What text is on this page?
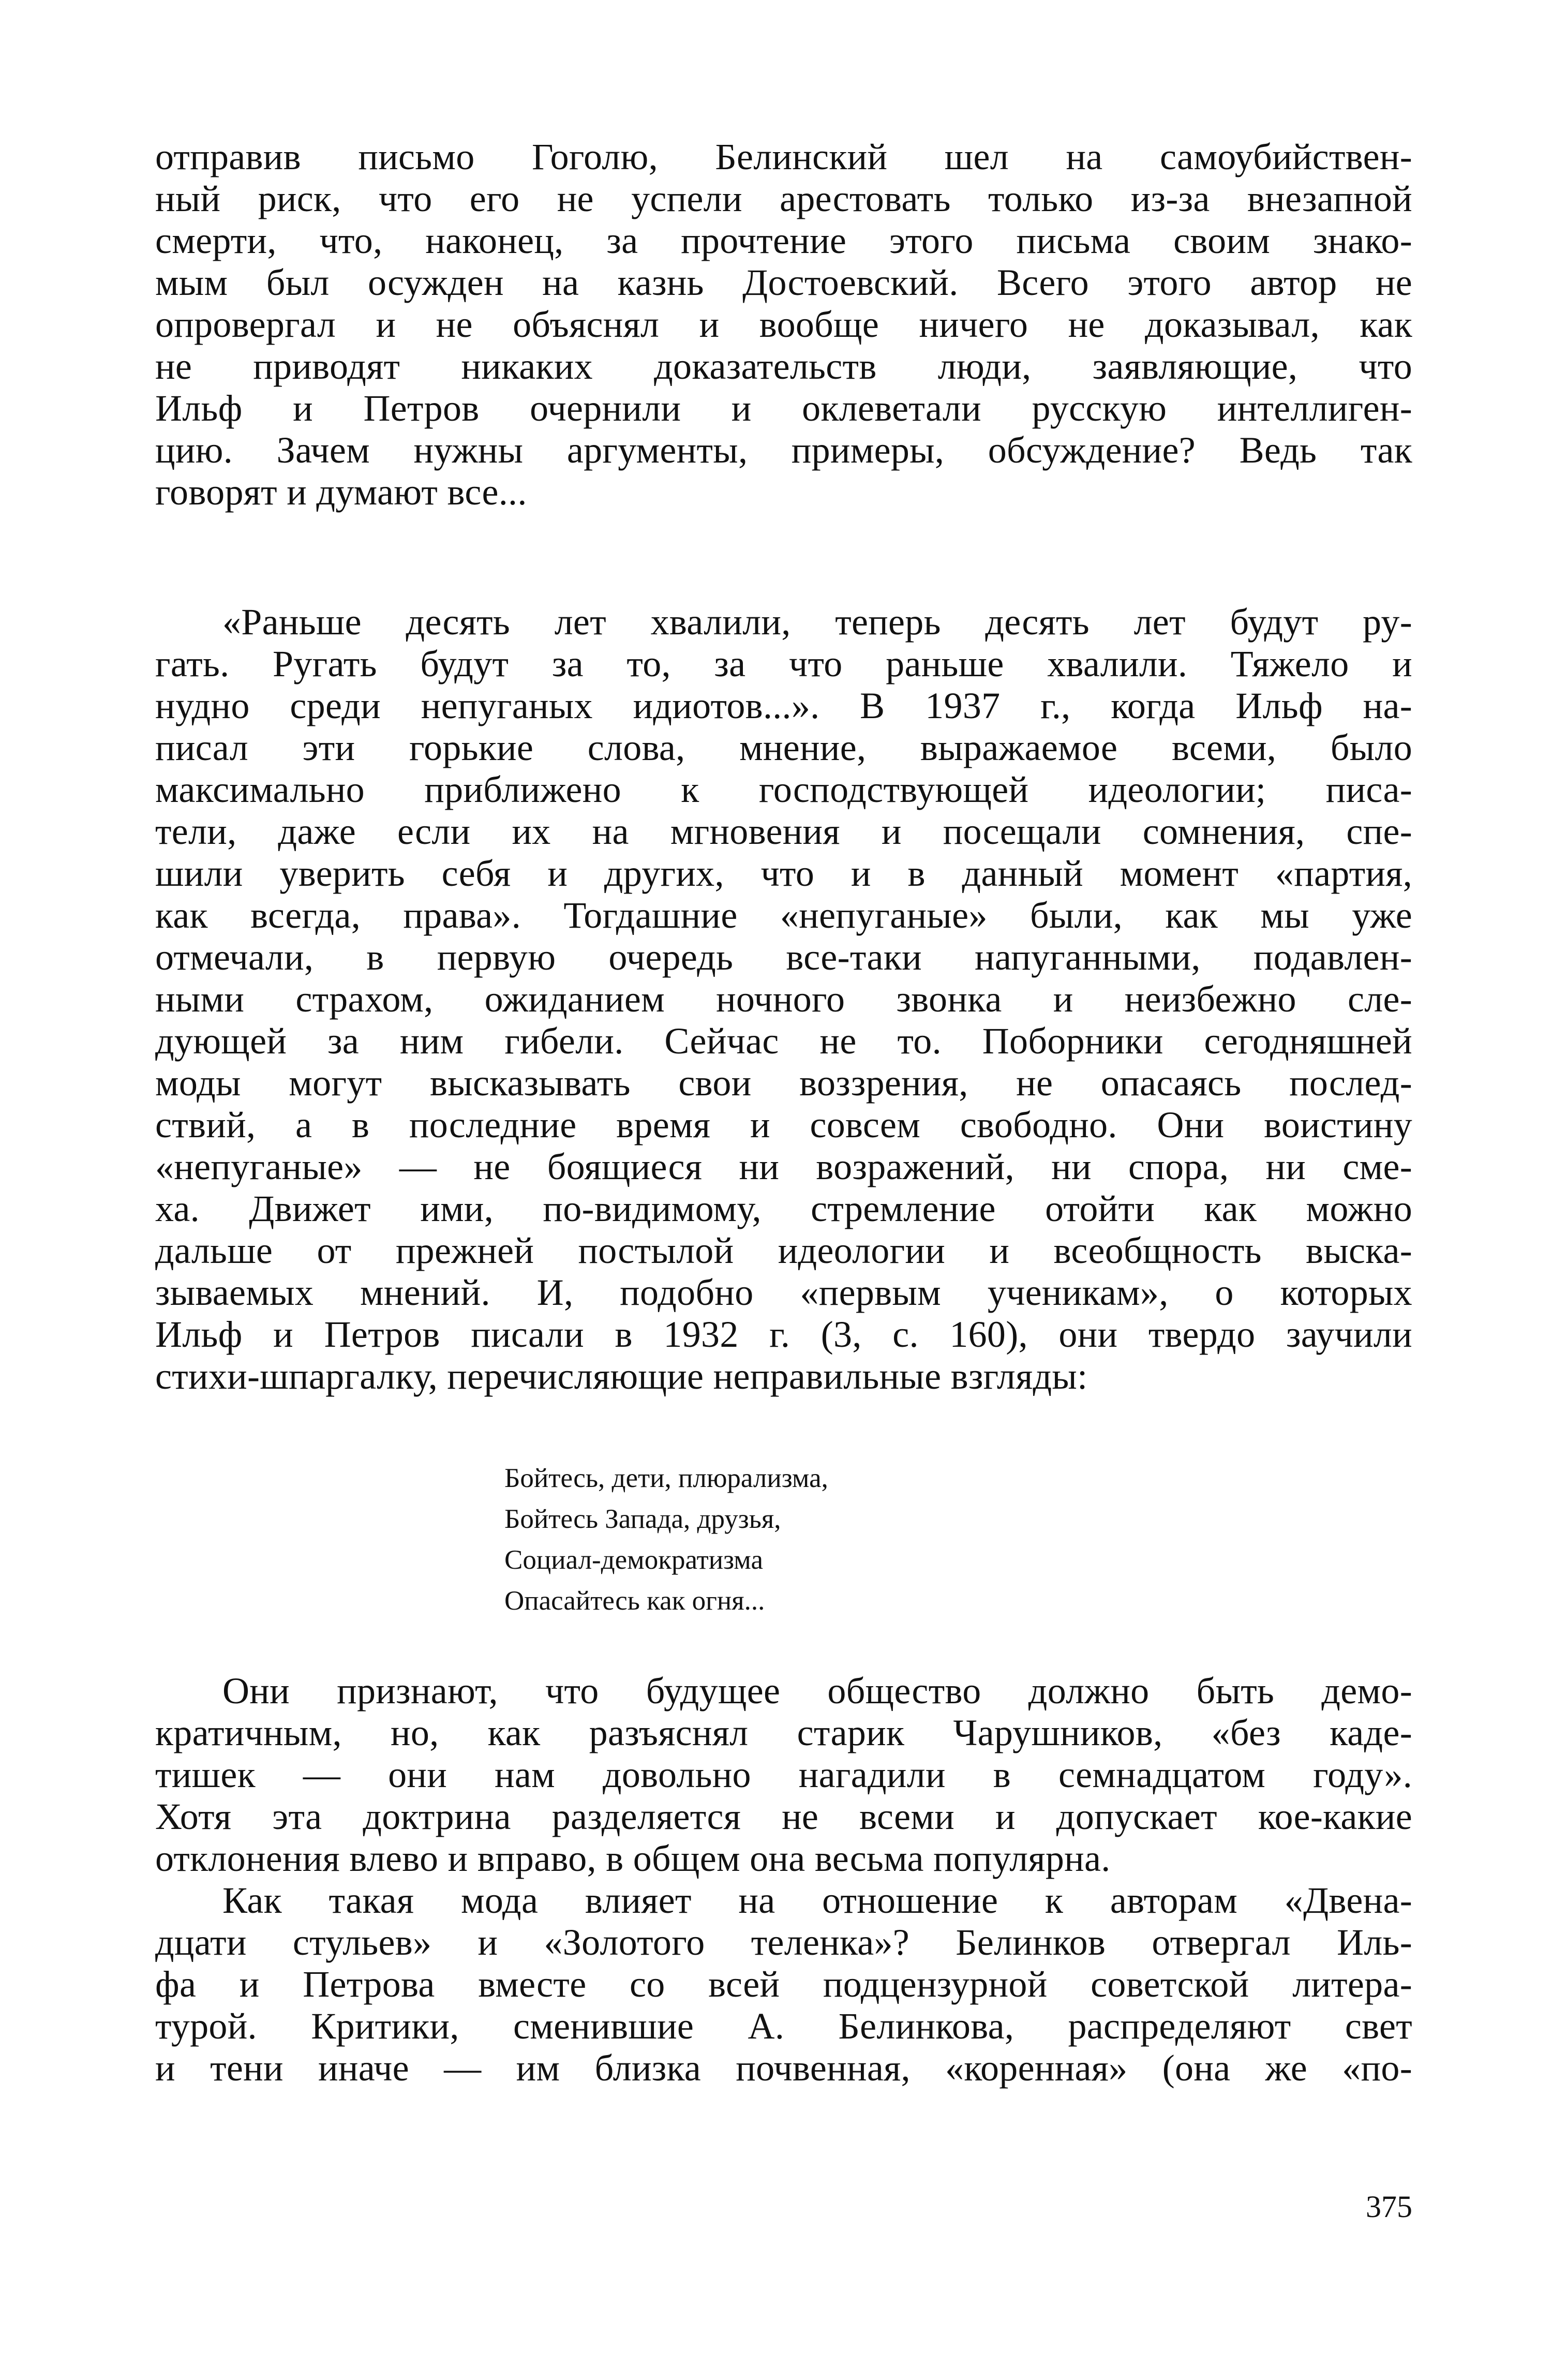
отправив письмо Гоголю, Белинский шел на самоубийствен-
ный риск, что его не успели арестовать только из-за внезапной
смерти, что, наконец, за прочтение этого письма своим знако-
мым был осужден на казнь Достоевский. Всего этого автор не
опровергал и не объяснял и вообще ничего не доказывал, как
не приводят никаких доказательств люди, заявляющие, что
Ильф и Петров очернили и оклеветали русскую интеллиген-
цию. Зачем нужны аргументы, примеры, обсуждение? Ведь так
говорят и думают все...
«Раньше десять лет хвалили, теперь десять лет будут ру-
гать. Ругать будут за то, за что раньше хвалили. Тяжело и
нудно среди непуганых идиотов...». В 1937 г., когда Ильф на-
писал эти горькие слова, мнение, выражаемое всеми, было
максимально приближено к господствующей идеологии; писа-
тели, даже если их на мгновения и посещали сомнения, спе-
шили уверить себя и других, что и в данный момент «партия,
как всегда, права». Тогдашние «непуганые» были, как мы уже
отмечали, в первую очередь все-таки напуганными, подавлен-
ными страхом, ожиданием ночного звонка и неизбежно сле-
дующей за ним гибели. Сейчас не то. Поборники сегодняшней
моды могут высказывать свои воззрения, не опасаясь послед-
ствий, а в последние время и совсем свободно. Они воистину
«непуганые» — не боящиеся ни возражений, ни спора, ни сме-
ха. Движет ими, по-видимому, стремление отойти как можно
дальше от прежней постылой идеологии и всеобщность выска-
зываемых мнений. И, подобно «первым ученикам», о которых
Ильф и Петров писали в 1932 г. (3, с. 160), они твердо заучили
стихи-шпаргалку, перечисляющие неправильные взгляды:
Бойтесь, дети, плюрализма,
Бойтесь Запада, друзья,
Социал-демократизма
Опасайтесь как огня...
Они признают, что будущее общество должно быть демо-
кратичным, но, как разъяснял старик Чарушников, «без каде-
тишек — они нам довольно нагадили в семнадцатом году».
Хотя эта доктрина разделяется не всеми и допускает кое-какие
отклонения влево и вправо, в общем она весьма популярна.
Как такая мода влияет на отношение к авторам «Двена-
дцати стульев» и «Золотого теленка»? Белинков отвергал Иль-
фа и Петрова вместе со всей подцензурной советской литера-
турой. Критики, сменившие А. Белинкова, распределяют свет
и тени иначе — им близка почвенная, «коренная» (она же «по-
375
